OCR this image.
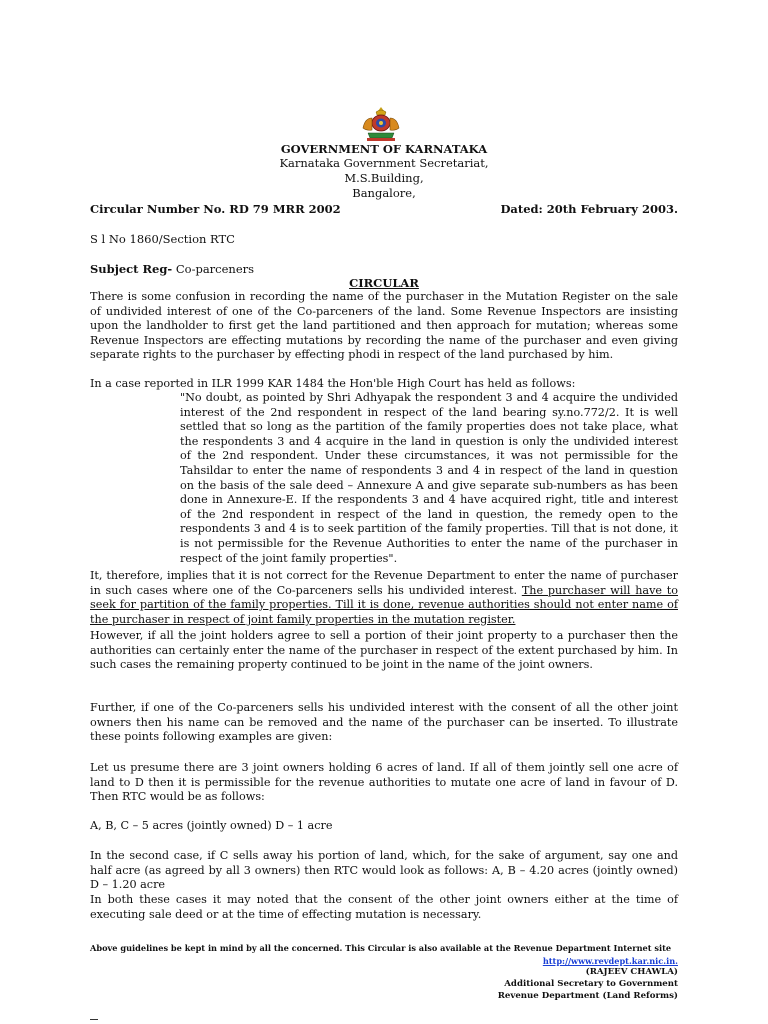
GOVERNMENT OF KARNATAKA
Karnataka Government Secretariat,
M.S.Building,
Bangalore,
Circular Number No. RD 79 MRR 2002	Dated: 20th February 2003.
S l No 1860/Section RTC
Subject Reg- Co-parceners
CIRCULAR
There is some confusion in recording the name of the purchaser in the Mutation Register on the sale of undivided interest of one of the Co-parceners of the land. Some Revenue Inspectors are insisting upon the landholder to first get the land partitioned and then approach for mutation; whereas some Revenue Inspectors are effecting mutations by recording the name of the purchaser and even giving separate rights to the purchaser by effecting phodi in respect of the land purchased by him.
In a case reported in ILR 1999 KAR 1484 the Hon'ble High Court has held as follows:
"No doubt, as pointed by Shri Adhyapak the respondent 3 and 4 acquire the undivided interest of the 2nd respondent in respect of the land bearing sy.no.772/2. It is well settled that so long as the partition of the family properties does not take place, what the respondents 3 and 4 acquire in the land in question is only the undivided interest of the 2nd respondent. Under these circumstances, it was not permissible for the Tahsildar to enter the name of respondents 3 and 4 in respect of the land in question on the basis of the sale deed – Annexure A and give separate sub-numbers as has been done in Annexure-E. If the respondents 3 and 4 have acquired right, title and interest of the 2nd respondent in respect of the land in question, the remedy open to the respondents 3 and 4 is to seek partition of the family properties. Till that is not done, it is not permissible for the Revenue Authorities to enter the name of the purchaser in respect of the joint family properties".
It, therefore, implies that it is not correct for the Revenue Department to enter the name of purchaser in such cases where one of the Co-parceners sells his undivided interest. The purchaser will have to seek for partition of the family properties. Till it is done, revenue authorities should not enter name of the purchaser in respect of joint family properties in the mutation register.
However, if all the joint holders agree to sell a portion of their joint property to a purchaser then the authorities can certainly enter the name of the purchaser in respect of the extent purchased by him. In such cases the remaining property continued to be joint in the name of the joint owners.
Further, if one of the Co-parceners sells his undivided interest with the consent of all the other joint owners then his name can be removed and the name of the purchaser can be inserted. To illustrate these points following examples are given:
Let us presume there are 3 joint owners holding 6 acres of land. If all of them jointly sell one acre of land to D then it is permissible for the revenue authorities to mutate one acre of land in favour of D. Then RTC would be as follows:
A, B, C – 5 acres (jointly owned) D – 1 acre
In the second case, if C sells away his portion of land, which, for the sake of argument, say one and half acre (as agreed by all 3 owners) then RTC would look as follows: A, B – 4.20 acres (jointly owned) D – 1.20 acre
In both these cases it may noted that the consent of the other joint owners either at the time of executing sale deed or at the time of effecting mutation is necessary.
Above guidelines be kept in mind by all the concerned. This Circular is also available at the Revenue Department Internet site
http://www.revdept.kar.nic.in.
(RAJEEV CHAWLA)
Additional Secretary to Government
Revenue Department (Land Reforms)
